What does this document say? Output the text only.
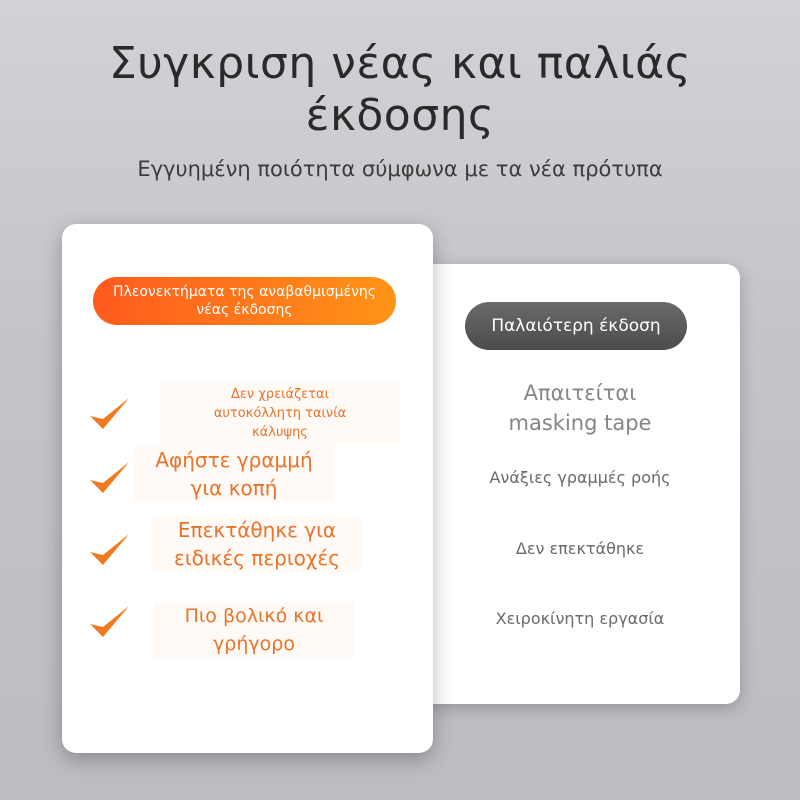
Συγκριση νέας και παλιάς
έκδοσης

Εγγυημένη ποιότητα σύμφωνα με τα νέα πρότυπα

Παλαιότερη έκδοση
Απαιτείται
masking tape
Ανάξιες γραμμές ροής
Δεν επεκτάθηκε
Χειροκίνητη εργασία
Πλεονεκτήματα της αναβαθμισμένης νέας έκδοσης
Δεν χρειάζεται
αυτοκόλλητη ταινία
κάλυψης
Αφήστε γραμμή
για κοπή
Επεκτάθηκε για
ειδικές περιοχές
Πιο βολικό και
γρήγορο
